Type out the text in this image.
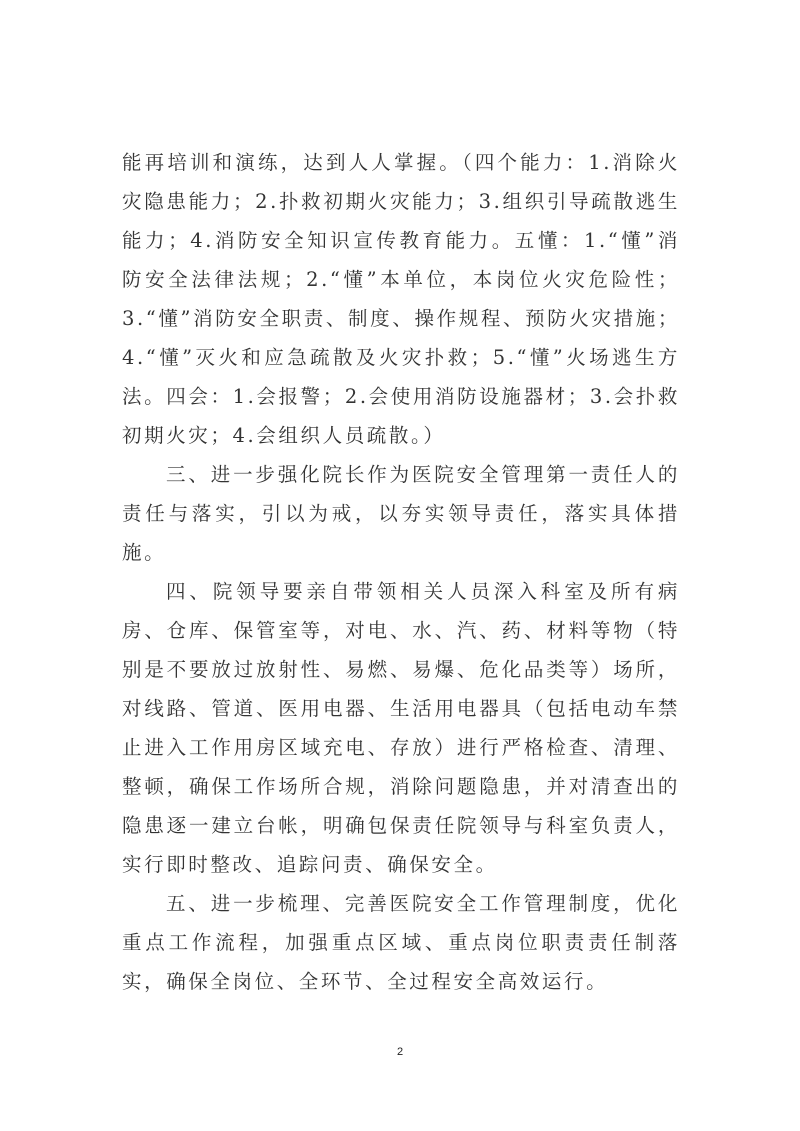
能再培训和演练，达到人人掌握。（四个能力：1.消除火灾隐患能力；2.扑救初期火灾能力；3.组织引导疏散逃生能力；4.消防安全知识宣传教育能力。五懂：1.“懂”消防安全法律法规；2.“懂”本单位，本岗位火灾危险性；3.“懂”消防安全职责、制度、操作规程、预防火灾措施；4.“懂”灭火和应急疏散及火灾扑救；5.“懂”火场逃生方法。四会：1.会报警；2.会使用消防设施器材；3.会扑救初期火灾；4.会组织人员疏散。）

三、进一步强化院长作为医院安全管理第一责任人的责任与落实，引以为戒，以夯实领导责任，落实具体措施。

四、院领导要亲自带领相关人员深入科室及所有病房、仓库、保管室等，对电、水、汽、药、材料等物（特别是不要放过放射性、易燃、易爆、危化品类等）场所，对线路、管道、医用电器、生活用电器具（包括电动车禁止进入工作用房区域充电、存放）进行严格检查、清理、整顿，确保工作场所合规，消除问题隐患，并对清查出的隐患逐一建立台帐，明确包保责任院领导与科室负责人，实行即时整改、追踪问责、确保安全。

五、进一步梳理、完善医院安全工作管理制度，优化重点工作流程，加强重点区域、重点岗位职责责任制落实，确保全岗位、全环节、全过程安全高效运行。

2
